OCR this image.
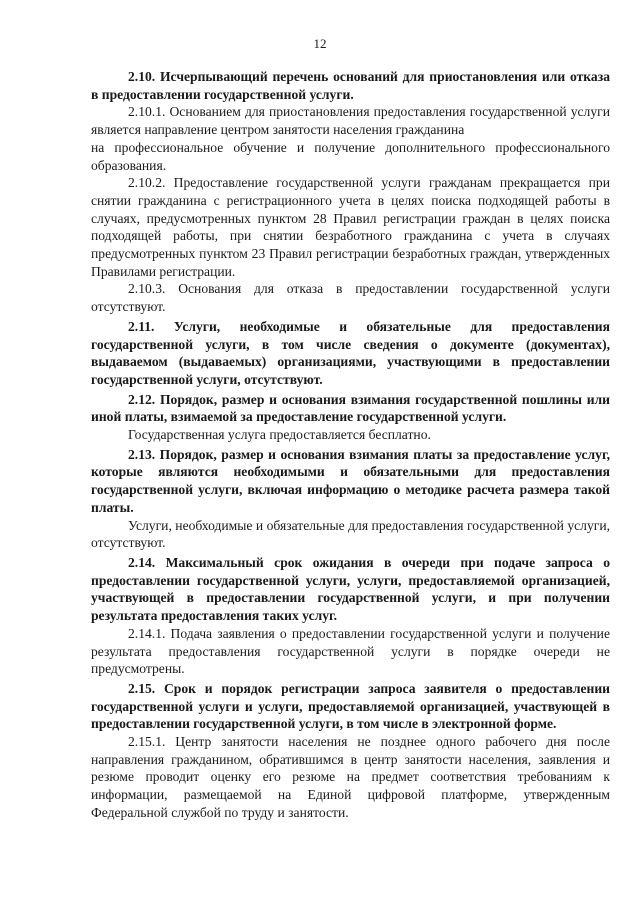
12

2.10. Исчерпывающий перечень оснований для приостановления или отказа в предоставлении государственной услуги.

2.10.1. Основанием для приостановления предоставления государственной услуги является направление центром занятости населения гражданина

на профессиональное обучение и получение дополнительного профессионального образования.

2.10.2. Предоставление государственной услуги гражданам прекращается при снятии гражданина с регистрационного учета в целях поиска подходящей работы в случаях, предусмотренных пунктом 28 Правил регистрации граждан в целях поиска подходящей работы, при снятии безработного гражданина с учета в случаях предусмотренных пунктом 23 Правил регистрации безработных граждан, утвержденных Правилами регистрации.

2.10.3. Основания для отказа в предоставлении государственной услуги отсутствуют.

2.11. Услуги, необходимые и обязательные для предоставления государственной услуги, в том числе сведения о документе (документах), выдаваемом (выдаваемых) организациями, участвующими в предоставлении государственной услуги, отсутствуют.

2.12. Порядок, размер и основания взимания государственной пошлины или иной платы, взимаемой за предоставление государственной услуги.

Государственная услуга предоставляется бесплатно.

2.13. Порядок, размер и основания взимания платы за предоставление услуг, которые являются необходимыми и обязательными для предоставления государственной услуги, включая информацию о методике расчета размера такой платы.

Услуги, необходимые и обязательные для предоставления государственной услуги, отсутствуют.

2.14. Максимальный срок ожидания в очереди при подаче запроса о предоставлении государственной услуги, услуги, предоставляемой организацией, участвующей в предоставлении государственной услуги, и при получении результата предоставления таких услуг.

2.14.1. Подача заявления о предоставлении государственной услуги и получение результата предоставления государственной услуги в порядке очереди не предусмотрены.

2.15. Срок и порядок регистрации запроса заявителя о предоставлении государственной услуги и услуги, предоставляемой организацией, участвующей в предоставлении государственной услуги, в том числе в электронной форме.

2.15.1. Центр занятости населения не позднее одного рабочего дня после направления гражданином, обратившимся в центр занятости населения, заявления и резюме проводит оценку его резюме на предмет соответствия требованиям к информации, размещаемой на Единой цифровой платформе, утвержденным Федеральной службой по труду и занятости.
